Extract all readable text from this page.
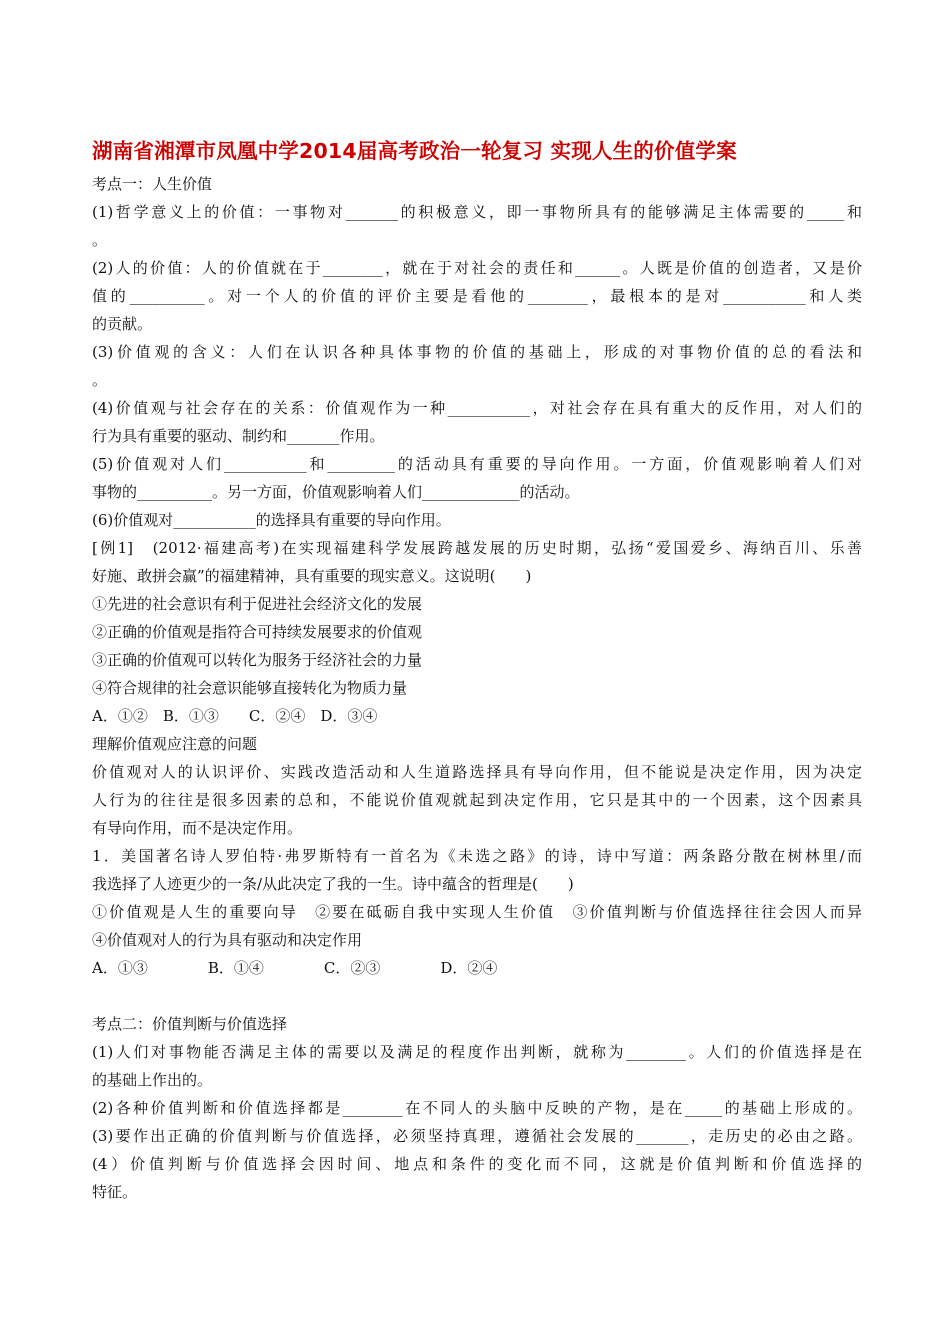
湖南省湘潭市凤凰中学2014届高考政治一轮复习 实现人生的价值学案
考点一：人生价值
(1)哲学意义上的价值：一事物对_______的积极意义，即一事物所具有的能够满足主体需要的_____和
。
(2)人的价值：人的价值就在于________，就在于对社会的责任和______。人既是价值的创造者，又是价
值的__________。对一个人的价值的评价主要是看他的________，最根本的是对___________和人类
的贡献。
(3)价值观的含义：人们在认识各种具体事物的价值的基础上，形成的对事物价值的总的看法和
。
(4)价值观与社会存在的关系：价值观作为一种___________，对社会存在具有重大的反作用，对人们的
行为具有重要的驱动、制约和_______作用。
(5)价值观对人们___________和_________的活动具有重要的导向作用。一方面，价值观影响着人们对
事物的__________。另一方面，价值观影响着人们_____________的活动。
(6)价值观对___________的选择具有重要的导向作用。
[例1]　(2012·福建高考)在实现福建科学发展跨越发展的历史时期，弘扬“爱国爱乡、海纳百川、乐善
好施、敢拼会赢”的福建精神，具有重要的现实意义。这说明(　　)
①先进的社会意识有利于促进社会经济文化的发展
②正确的价值观是指符合可持续发展要求的价值观
③正确的价值观可以转化为服务于经济社会的力量
④符合规律的社会意识能够直接转化为物质力量
A．①②　B．①③　　C．②④　D．③④
理解价值观应注意的问题
价值观对人的认识评价、实践改造活动和人生道路选择具有导向作用，但不能说是决定作用，因为决定
人行为的往往是很多因素的总和，不能说价值观就起到决定作用，它只是其中的一个因素，这个因素具
有导向作用，而不是决定作用。
1．美国著名诗人罗伯特·弗罗斯特有一首名为《未选之路》的诗，诗中写道：两条路分散在树林里/而
我选择了人迹更少的一条/从此决定了我的一生。诗中蕴含的哲理是(　　)
①价值观是人生的重要向导　②要在砥砺自我中实现人生价值　③价值判断与价值选择往往会因人而异
④价值观对人的行为具有驱动和决定作用
A．①③　　　　B．①④　　　　C．②③　　　　D．②④
考点二：价值判断与价值选择
(1)人们对事物能否满足主体的需要以及满足的程度作出判断，就称为________。人们的价值选择是在
的基础上作出的。
(2)各种价值判断和价值选择都是________在不同人的头脑中反映的产物，是在_____的基础上形成的。
(3)要作出正确的价值判断与价值选择，必须坚持真理，遵循社会发展的_______，走历史的必由之路。
(4）价值判断与价值选择会因时间、地点和条件的变化而不同，这就是价值判断和价值选择的
特征。
